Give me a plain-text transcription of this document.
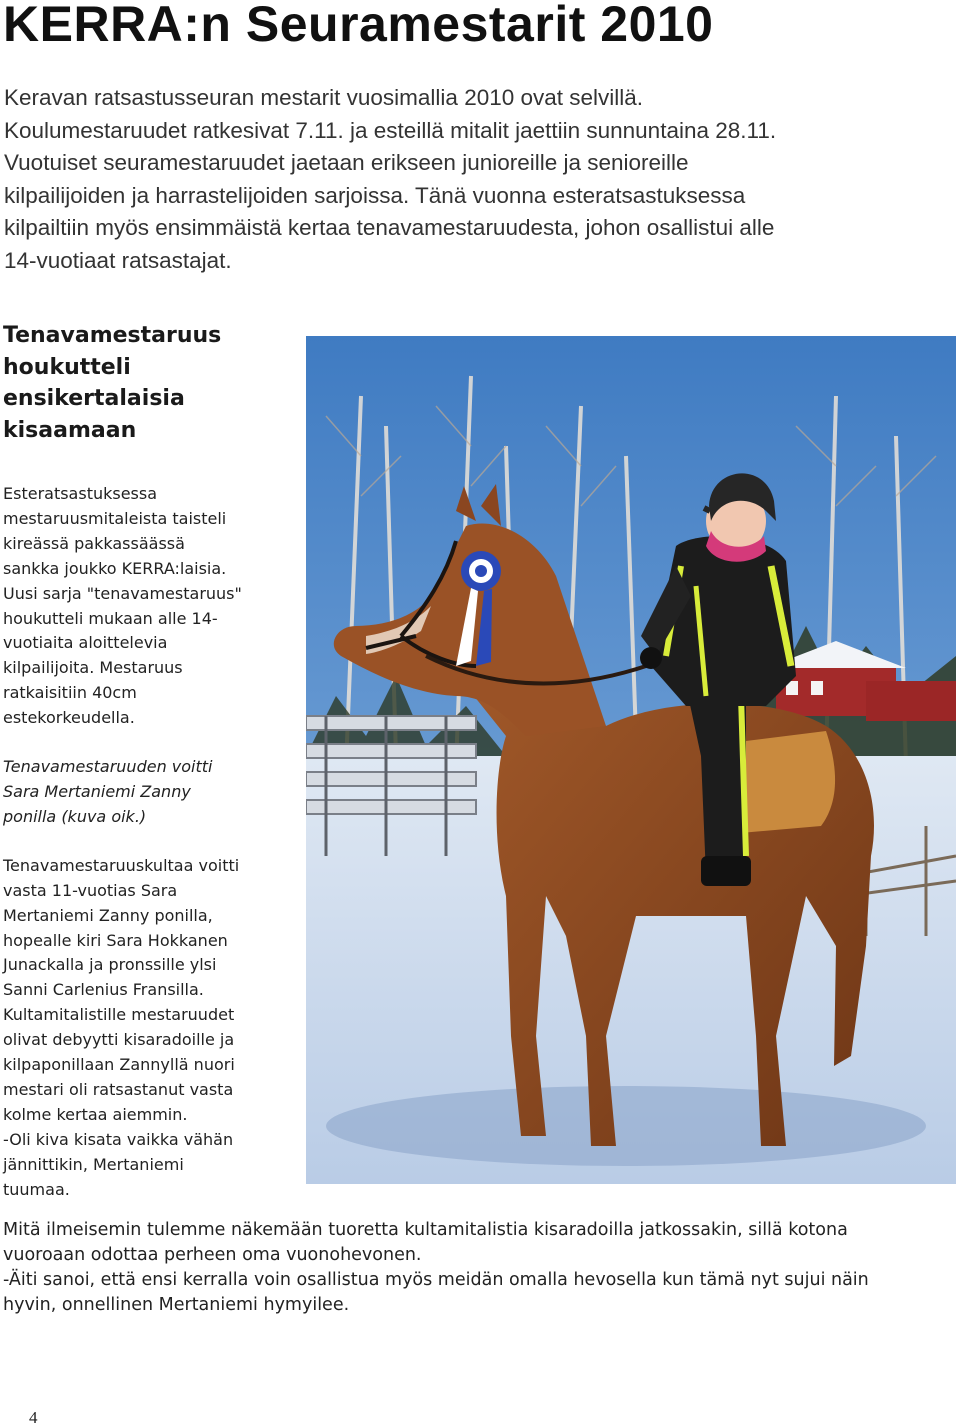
KERRA:n Seuramestarit 2010
Keravan ratsastusseuran mestarit vuosimallia 2010 ovat selvillä.
Koulumestaruudet ratkesivat 7.11. ja esteillä mitalit jaettiin sunnuntaina 28.11.
Vuotuiset seuramestaruudet jaetaan erikseen junioreille ja senioreille
kilpailijoiden ja harrastelijoiden sarjoissa. Tänä vuonna esteratsastuksessa
kilpailtiin myös ensimmäistä kertaa tenavamestaruudesta, johon osallistui alle
14-vuotiaat ratsastajat.
Tenavamestaruus
houkutteli
ensikertalaisia
kisaamaan
Esteratsastuksessa
mestaruusmitaleista taisteli
kireässä pakkassäässä
sankka joukko KERRA:laisia.
Uusi sarja "tenavamestaruus"
houkutteli mukaan alle 14-
vuotiaita aloittelevia
kilpailijoita. Mestaruus
ratkaisitiin 40cm
estekorkeudella.
Tenavamestaruuden voitti
Sara Mertaniemi Zanny
ponilla (kuva oik.)
Tenavamestaruuskultaa voitti
vasta 11-vuotias Sara
Mertaniemi Zanny ponilla,
hopealle kiri Sara Hokkanen
Junackalla ja pronssille ylsi
Sanni Carlenius Fransilla.
Kultamitalistille mestaruudet
olivat debyytti kisaradoille ja
kilpaponillaan Zannyllä nuori
mestari oli ratsastanut vasta
kolme kertaa aiemmin.
-Oli kiva kisata vaikka vähän
jännittikin, Mertaniemi
tuumaa.
Mitä ilmeisemin tulemme näkemään tuoretta kultamitalistia kisaradoilla jatkossakin, sillä kotona
vuoroaan odottaa perheen oma vuonohevonen.
-Äiti sanoi, että ensi kerralla voin osallistua myös meidän omalla hevosella kun tämä nyt sujui näin
hyvin, onnellinen Mertaniemi hymyilee.
4
